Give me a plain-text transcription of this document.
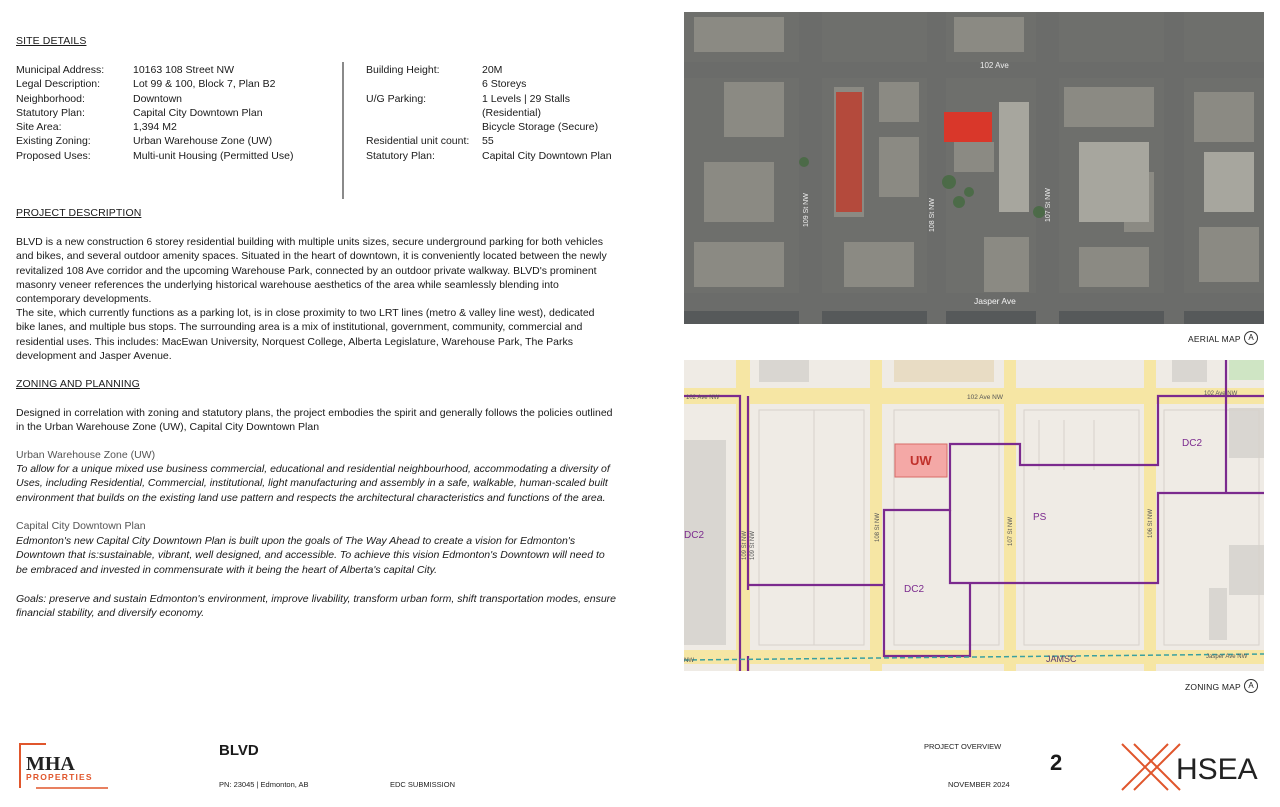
SITE DETAILS
Municipal Address:	10163 108 Street NW
Legal Description:	Lot 99 & 100, Block 7, Plan B2
Neighborhood:	Downtown
Statutory Plan:	Capital City Downtown Plan
Site Area:	1,394 M2
Existing Zoning:	Urban Warehouse Zone (UW)
Proposed Uses:	Multi-unit Housing (Permitted Use)
Building Height:	20M
6 Storeys
U/G Parking:	1 Levels | 29 Stalls
(Residential)
Bicycle Storage (Secure)
Residential unit count:	55
Statutory Plan:	Capital City Downtown Plan
PROJECT DESCRIPTION
BLVD is a new construction 6 storey residential building with multiple units sizes, secure underground parking for both vehicles and bikes, and several outdoor amenity spaces. Situated in the heart of downtown, it is conveniently located between the newly revitalized 108 Ave corridor and the upcoming Warehouse Park, connected by an outdoor private walkway. BLVD's prominent masonry veneer references the underlying historical warehouse aesthetics of the area while seamlessly blending into contemporary developments.
The site, which currently functions as a parking lot, is in close proximity to two LRT lines (metro & valley line west), dedicated bike lanes, and multiple bus stops. The surrounding area is a mix of institutional, government, community, commercial and residential uses. This includes: MacEwan University, Norquest College, Alberta Legislature, Warehouse Park, The Parks development and Jasper Avenue.
ZONING AND PLANNING
Designed in correlation with zoning and statutory plans, the project embodies the spirit and generally follows the policies outlined in the Urban Warehouse Zone (UW), Capital City Downtown Plan
Urban Warehouse Zone (UW)
To allow for a unique mixed use business commercial, educational and residential neighbourhood, accommodating a diversity of Uses, including Residential, Commercial, institutional, light manufacturing and assembly in a safe, walkable, human-scaled built environment that builds on the existing land use pattern and respects the architectural characteristics and functions of the area.
Capital City Downtown Plan
Edmonton's new Capital City Downtown Plan is built upon the goals of The Way Ahead to create a vision for Edmonton's Downtown that is:sustainable, vibrant, well designed, and accessible. To achieve this vision Edmonton's Downtown will need to be embraced and invested in commensurate with it being the heart of Alberta's capital City.
Goals: preserve and sustain Edmonton's environment, improve livability, transform urban form, shift transportation modes, ensure financial stability, and diversify economy.
102 Ave
Jasper Ave
109 St NW	108 St NW	107 St NW
AERIAL MAP A
UW
DC2
DC2
DC2
PS
JAMSC
102 Ave NW
102 Ave NW
102 Ave NW
Jasper Ave NW
NW
109 St NW 109 St NW
108 St NW	107 St NW	106 St NW
ZONING MAP A
MHA
PROPERTIES
BLVD
PN: 23045 | Edmonton, AB	EDC SUBMISSION
PROJECT OVERVIEW
NOVEMBER 2024
2	HSEA
